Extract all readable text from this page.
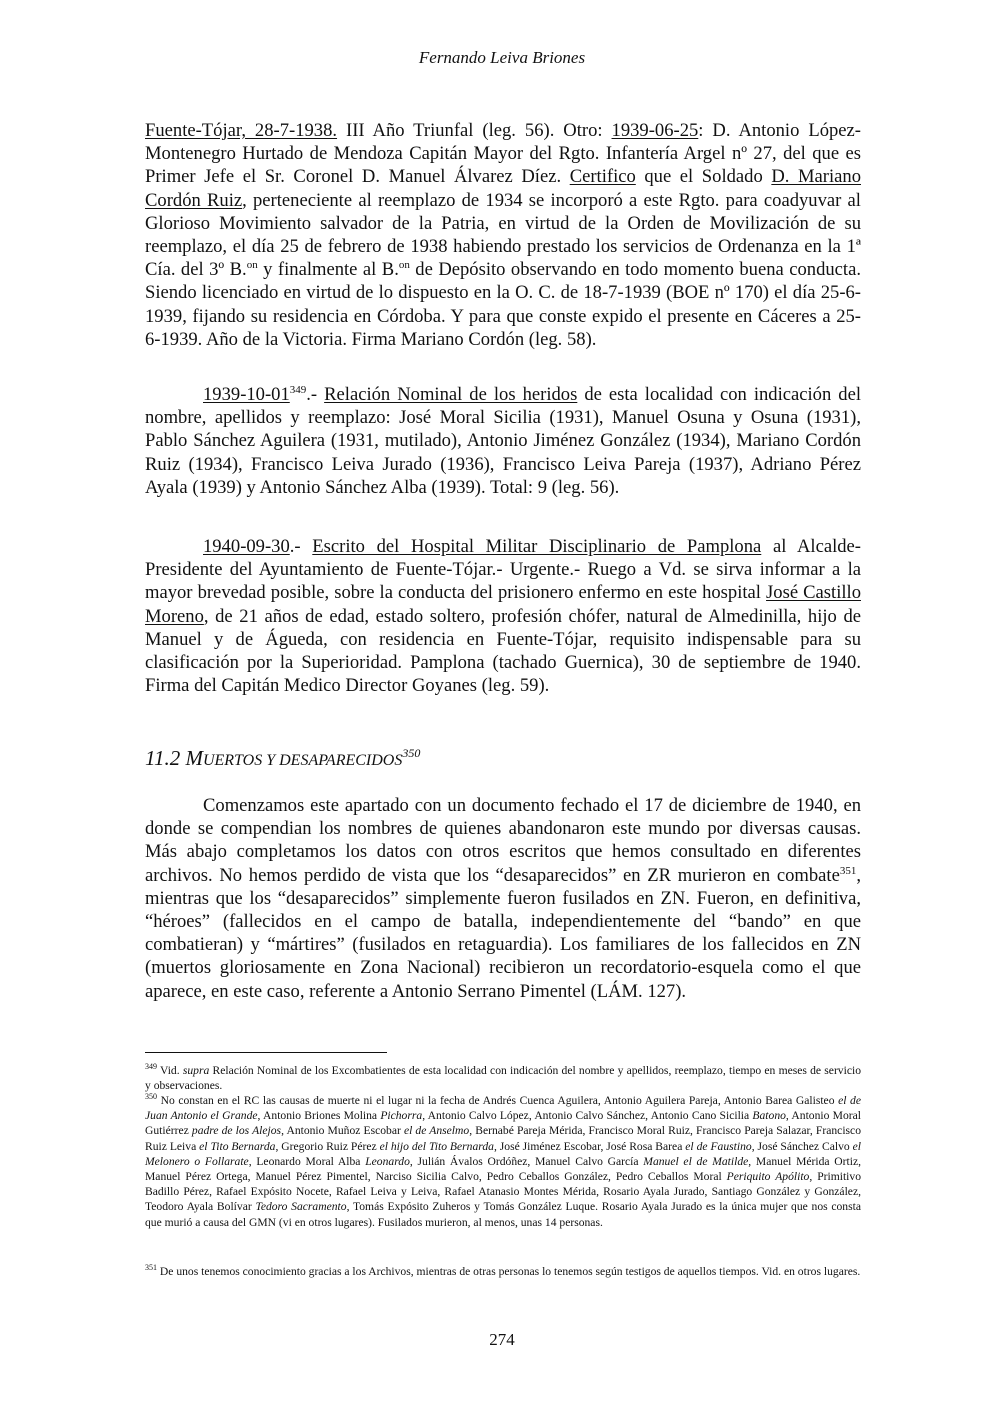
Fernando Leiva Briones

Fuente-Tójar, 28-7-1938. III Año Triunfal (leg. 56). Otro: 1939-06-25: D. Antonio López-Montenegro Hurtado de Mendoza Capitán Mayor del Rgto. Infantería Argel nº 27, del que es Primer Jefe el Sr. Coronel D. Manuel Álvarez Díez. Certifico que el Soldado D. Mariano Cordón Ruiz, perteneciente al reemplazo de 1934 se incorporó a este Rgto. para coadyuvar al Glorioso Movimiento salvador de la Patria, en virtud de la Orden de Movilización de su reemplazo, el día 25 de febrero de 1938 habiendo prestado los servicios de Ordenanza en la 1ª Cía. del 3º B.$^{on}$ y finalmente al B.$^{on}$ de Depósito observando en todo momento buena conducta. Siendo licenciado en virtud de lo dispuesto en la O. C. de 18-7-1939 (BOE nº 170) el día 25-6-1939, fijando su residencia en Córdoba. Y para que conste expido el presente en Cáceres a 25-6-1939. Año de la Victoria. Firma Mariano Cordón (leg. 58).

$1939-10-01^{349}.-$ Relación Nominal de los heridos de esta localidad con indicación del nombre, apellidos y reemplazo: José Moral Sicilia (1931), Manuel Osuna y Osuna (1931), Pablo Sánchez Aguilera (1931, mutilado), Antonio Jiménez González (1934), Mariano Cordón Ruiz (1934), Francisco Leiva Jurado (1936), Francisco Leiva Pareja (1937), Adriano Pérez Ayala (1939) y Antonio Sánchez Alba (1939). Total: 9 (leg. 56).

1940-09-30.- Escrito del Hospital Militar Disciplinario de Pamplona al Alcalde-Presidente del Ayuntamiento de Fuente-Tójar.- Urgente.- Ruego a Vd. se sirva informar a la mayor brevedad posible, sobre la conducta del prisionero enfermo en este hospital José Castillo Moreno, de 21 años de edad, estado soltero, profesión chófer, natural de Almedinilla, hijo de Manuel y de Águeda, con residencia en Fuente-Tójar, requisito indispensable para su clasificación por la Superioridad. Pamplona (tachado Guernica), 30 de septiembre de 1940. Firma del Capitán Medico Director Goyanes (leg. 59).

11.2 MUERTOS Y DESAPARECIDOS$^{350}$

Comenzamos este apartado con un documento fechado el 17 de diciembre de 1940, en donde se compendian los nombres de quienes abandonaron este mundo por diversas causas. Más abajo completamos los datos con otros escritos que hemos consultado en diferentes archivos. No hemos perdido de vista que los “desaparecidos” en ZR murieron en combate$^{351}$, mientras que los “desaparecidos” simplemente fueron fusilados en ZN. Fueron, en definitiva, “héroes” (fallecidos en el campo de batalla, independientemente del “bando” en que combatieran) y “mártires” (fusilados en retaguardia). Los familiares de los fallecidos en ZN (muertos gloriosamente en Zona Nacional) recibieron un recordatorio-esquela como el que aparece, en este caso, referente a Antonio Serrano Pimentel (LÁM. 127).

$^{349}$ Vid. supra Relación Nominal de los Excombatientes de esta localidad con indicación del nombre y apellidos, reemplazo, tiempo en meses de servicio y observaciones.

$^{350}$ No constan en el RC las causas de muerte ni el lugar ni la fecha de Andrés Cuenca Aguilera, Antonio Aguilera Pareja, Antonio Barea Galisteo el de Juan Antonio el Grande, Antonio Briones Molina Pichorra, Antonio Calvo López, Antonio Calvo Sánchez, Antonio Cano Sicilia Batono, Antonio Moral Gutiérrez padre de los Alejos, Antonio Muñoz Escobar el de Anselmo, Bernabé Pareja Mérida, Francisco Moral Ruiz, Francisco Pareja Salazar, Francisco Ruiz Leiva el Tito Bernarda, Gregorio Ruiz Pérez el hijo del Tito Bernarda, José Jiménez Escobar, José Rosa Barea el de Faustino, José Sánchez Calvo el Melonero o Follarate, Leonardo Moral Alba Leonardo, Julián Ávalos Ordóñez, Manuel Calvo García Manuel el de Matilde, Manuel Mérida Ortiz, Manuel Pérez Ortega, Manuel Pérez Pimentel, Narciso Sicilia Calvo, Pedro Ceballos González, Pedro Ceballos Moral Periquito Apólito, Primitivo Badillo Pérez, Rafael Expósito Nocete, Rafael Leiva y Leiva, Rafael Atanasio Montes Mérida, Rosario Ayala Jurado, Santiago González y González, Teodoro Ayala Bolívar Tedoro Sacramento, Tomás Expósito Zuheros y Tomás González Luque. Rosario Ayala Jurado es la única mujer que nos consta que murió a causa del GMN (vi en otros lugares). Fusilados murieron, al menos, unas 14 personas.

$^{351}$ De unos tenemos conocimiento gracias a los Archivos, mientras de otras personas lo tenemos según testigos de aquellos tiempos. Vid. en otros lugares.

274
